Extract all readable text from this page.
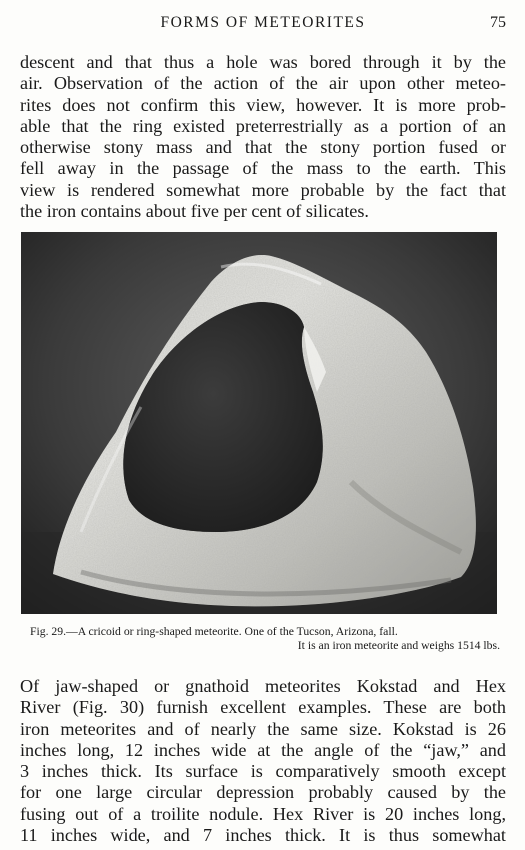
FORMS OF METEORITES	75
descent and that thus a hole was bored through it by the
air. Observation of the action of the air upon other meteo-
rites does not confirm this view, however. It is more prob-
able that the ring existed preterrestrially as a portion of an
otherwise stony mass and that the stony portion fused or
fell away in the passage of the mass to the earth. This
view is rendered somewhat more probable by the fact that
the iron contains about five per cent of silicates.
Fig. 29.—A cricoid or ring-shaped meteorite. One of the Tucson, Arizona, fall.
It is an iron meteorite and weighs 1514 lbs.
Of jaw-shaped or gnathoid meteorites Kokstad and Hex
River (Fig. 30) furnish excellent examples. These are both
iron meteorites and of nearly the same size. Kokstad is 26
inches long, 12 inches wide at the angle of the “jaw,” and
3 inches thick. Its surface is comparatively smooth except
for one large circular depression probably caused by the
fusing out of a troilite nodule. Hex River is 20 inches long,
11 inches wide, and 7 inches thick. It is thus somewhat
